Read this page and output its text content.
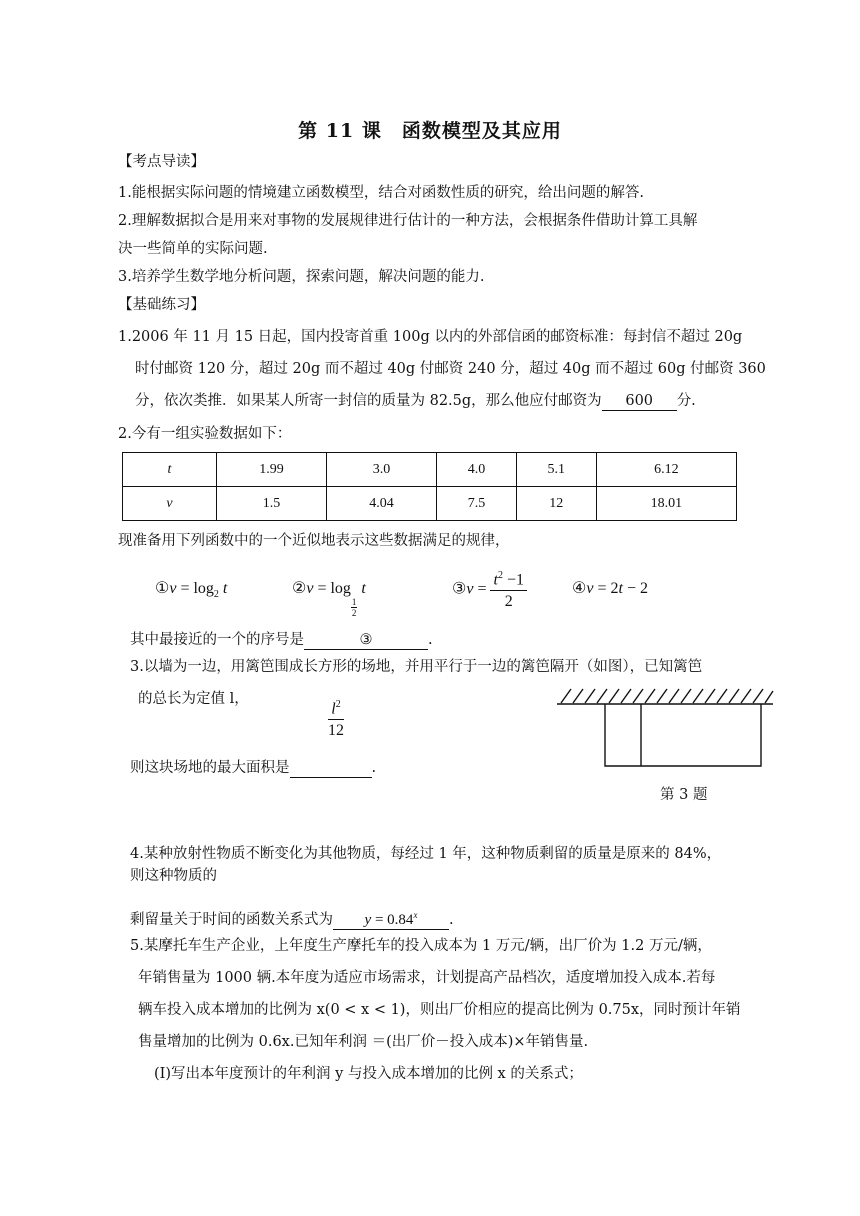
第 11 课　函数模型及其应用
【考点导读】
1.能根据实际问题的情境建立函数模型，结合对函数性质的研究，给出问题的解答.
2.理解数据拟合是用来对事物的发展规律进行估计的一种方法，会根据条件借助计算工具解
决一些简单的实际问题.
3.培养学生数学地分析问题，探索问题，解决问题的能力.
【基础练习】
1.2006 年 11 月 15 日起，国内投寄首重 100g 以内的外部信函的邮资标准：每封信不超过 20g
时付邮资 120 分，超过 20g 而不超过 40g 付邮资 240 分，超过 40g 而不超过 60g 付邮资 360
分，依次类推．如果某人所寄一封信的质量为 82.5g，那么他应付邮资为 600 分.
2.今有一组实验数据如下：
t	1.99	3.0	4.0	5.1	6.12
v	1.5	4.04	7.5	12	18.01
现准备用下列函数中的一个近似地表示这些数据满足的规律，
①v = $\log_2 t$	②v = log
$\frac{1}{2}$
t	③v = $\frac{t^2 -1}{2}$	④v = 2t − 2
其中最接近的一个的序号是	③	.
3.以墙为一边，用篱笆围成长方形的场地，并用平行于一边的篱笆隔开（如图），已知篱笆
的总长为定值 l，	$\frac{l^2}{12}$
则这块场地的最大面积是	.
第 3 题
4.某种放射性物质不断变化为其他物质，每经过 1 年，这种物质剩留的质量是原来的 84%，
则这种物质的
剩留量关于时间的函数关系式为 $y = 0.84^x$ .
5.某摩托车生产企业，上年度生产摩托车的投入成本为 1 万元/辆，出厂价为 1.2 万元/辆，
年销售量为 1000 辆.本年度为适应市场需求，计划提高产品档次，适度增加投入成本.若每
辆车投入成本增加的比例为 x(0 < x < 1)，则出厂价相应的提高比例为 0.75x，同时预计年销
售量增加的比例为 0.6x.已知年利润 ＝(出厂价－投入成本)×年销售量.
(Ⅰ)写出本年度预计的年利润 y 与投入成本增加的比例 x 的关系式；
